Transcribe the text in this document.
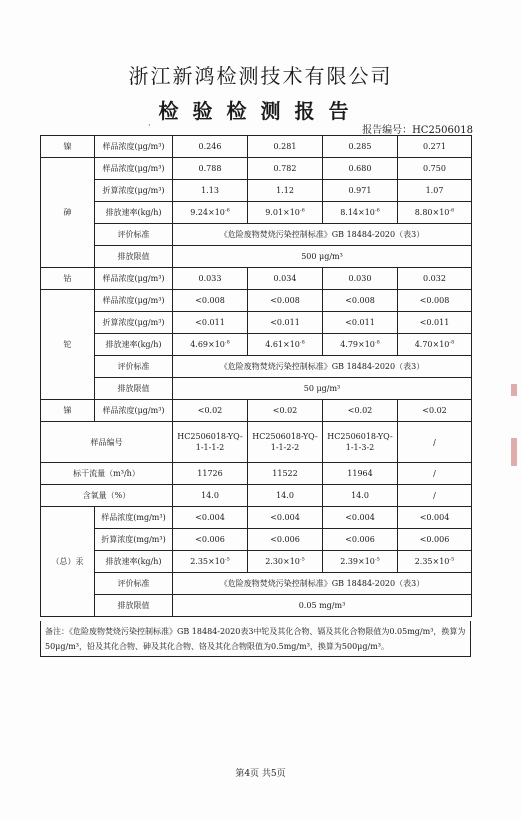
浙江新鸿检测技术有限公司
检验检测报告
·	报告编号：HC2506018
镍	样品浓度(μg/m³)	0.246	0.281	0.285	0.271
砷	样品浓度(μg/m³)	0.788	0.782	0.680	0.750
	折算浓度(μg/m³)	1.13	1.12	0.971	1.07
	排放速率(kg/h)	$9.24\times 10^{-6}$	$9.01\times 10^{-6}$	$8.14\times 10^{-6}$	$8.80\times 10^{-6}$
	评价标准	《危险废物焚烧污染控制标准》GB 18484-2020（表3）			
	排放限值	500 μg/m³			
钴	样品浓度(μg/m³)	0.033	0.034	0.030	0.032
铊	样品浓度(μg/m³)	<0.008	<0.008	<0.008	<0.008
	折算浓度(μg/m³)	<0.011	<0.011	<0.011	<0.011
	排放速率(kg/h)	$4.69\times 10^{-8}$	$4.61\times 10^{-8}$	$4.79\times 10^{-8}$	$4.70\times 10^{-8}$
	评价标准	《危险废物焚烧污染控制标准》GB 18484-2020（表3）			
	排放限值	50 μg/m³			
锑	样品浓度(μg/m³)	<0.02	<0.02	<0.02	<0.02
样品编号		HC2506018-YQ-1-1-1-2	HC2506018-YQ-1-1-2-2	HC2506018-YQ-1-1-3-2	/
标干流量（m³/h）		11726	11522	11964	/
含氧量（%）		14.0	14.0	14.0	/
（总）汞	样品浓度(mg/m³)	<0.004	<0.004	<0.004	<0.004
	折算浓度(mg/m³)	<0.006	<0.006	<0.006	<0.006
	排放速率(kg/h)	$2.35\times 10^{-5}$	$2.30\times 10^{-5}$	$2.39\times 10^{-5}$	$2.35\times 10^{-5}$
	评价标准	《危险废物焚烧污染控制标准》GB 18484-2020（表3）			
	排放限值	0.05 mg/m³			
备注：《危险废物焚烧污染控制标准》GB 18484-2020表3中铊及其化合物、镉及其化合物限值为0.05mg/m³，换算为50μg/m³，铅及其化合物、砷及其化合物、铬及其化合物限值为0.5mg/m³，换算为500μg/m³。
第4页 共5页
